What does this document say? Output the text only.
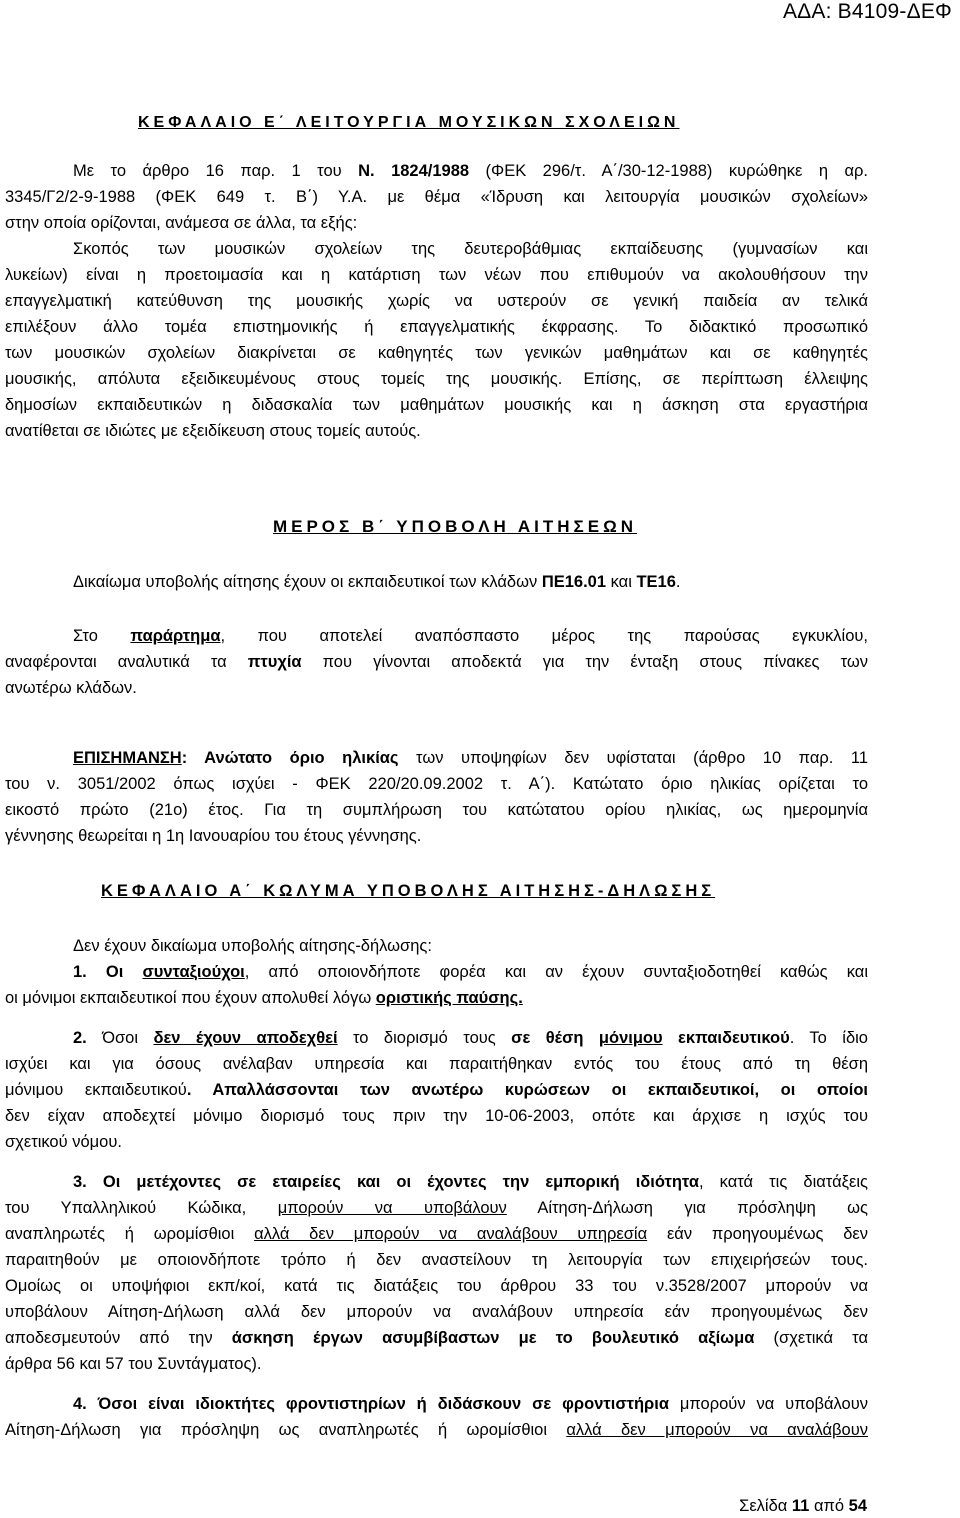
ΑΔΑ: Β4109-ΔΕΦ

ΚΕΦΑΛΑΙΟ Ε΄ ΛΕΙΤΟΥΡΓΙΑ ΜΟΥΣΙΚΩΝ ΣΧΟΛΕΙΩΝ

Με το άρθρο 16 παρ. 1 του Ν. 1824/1988 (ΦΕΚ 296/τ. Α΄/30-12-1988) κυρώθηκε η αρ.

3345/Γ2/2-9-1988 (ΦΕΚ 649 τ. Β΄) Υ.Α. με θέμα «Ίδρυση και λειτουργία μουσικών σχολείων»

στην οποία ορίζονται, ανάμεσα σε άλλα, τα εξής:

Σκοπός των μουσικών σχολείων της δευτεροβάθμιας εκπαίδευσης (γυμνασίων και

λυκείων) είναι η προετοιμασία και η κατάρτιση των νέων που επιθυμούν να ακολουθήσουν την

επαγγελματική κατεύθυνση της μουσικής χωρίς να υστερούν σε γενική παιδεία αν τελικά

επιλέξουν άλλο τομέα επιστημονικής ή επαγγελματικής έκφρασης. Το διδακτικό προσωπικό

των μουσικών σχολείων διακρίνεται σε καθηγητές των γενικών μαθημάτων και σε καθηγητές

μουσικής, απόλυτα εξειδικευμένους στους τομείς της μουσικής. Επίσης, σε περίπτωση έλλειψης

δημοσίων εκπαιδευτικών η διδασκαλία των μαθημάτων μουσικής και η άσκηση στα εργαστήρια

ανατίθεται σε ιδιώτες με εξειδίκευση στους τομείς αυτούς.

ΜΕΡΟΣ Β΄ ΥΠΟΒΟΛΗ ΑΙΤΗΣΕΩΝ

Δικαίωμα υποβολής αίτησης έχουν οι εκπαιδευτικοί των κλάδων ΠΕ16.01 και ΤΕ16.

Στο παράρτημα, που αποτελεί αναπόσπαστο μέρος της παρούσας εγκυκλίου,

αναφέρονται αναλυτικά τα πτυχία που γίνονται αποδεκτά για την ένταξη στους πίνακες των

ανωτέρω κλάδων.

ΕΠΙΣΗΜΑΝΣΗ: Ανώτατο όριο ηλικίας των υποψηφίων δεν υφίσταται (άρθρο 10 παρ. 11

του ν. 3051/2002 όπως ισχύει - ΦΕΚ 220/20.09.2002 τ. Α΄). Κατώτατο όριο ηλικίας ορίζεται το

εικοστό πρώτο (21ο) έτος. Για τη συμπλήρωση του κατώτατου ορίου ηλικίας, ως ημερομηνία

γέννησης θεωρείται η 1η Ιανουαρίου του έτους γέννησης.

ΚΕΦΑΛΑΙΟ Α΄ ΚΩΛΥΜΑ ΥΠΟΒΟΛΗΣ ΑΙΤΗΣΗΣ-ΔΗΛΩΣΗΣ

Δεν έχουν δικαίωμα υποβολής αίτησης-δήλωσης:

1. Οι συνταξιούχοι, από οποιονδήποτε φορέα και αν έχουν συνταξιοδοτηθεί καθώς και

οι μόνιμοι εκπαιδευτικοί που έχουν απολυθεί λόγω οριστικής παύσης.

2. Όσοι δεν έχουν αποδεχθεί το διορισμό τους σε θέση μόνιμου εκπαιδευτικού. Το ίδιο

ισχύει και για όσους ανέλαβαν υπηρεσία και παραιτήθηκαν εντός του έτους από τη θέση

μόνιμου εκπαιδευτικού. Απαλλάσσονται των ανωτέρω κυρώσεων οι εκπαιδευτικοί, οι οποίοι

δεν είχαν αποδεχτεί μόνιμο διορισμό τους πριν την 10-06-2003, οπότε και άρχισε η ισχύς του

σχετικού νόμου.

3. Οι μετέχοντες σε εταιρείες και οι έχοντες την εμπορική ιδιότητα, κατά τις διατάξεις

του Υπαλληλικού Κώδικα, μπορούν να υποβάλουν Αίτηση-Δήλωση για πρόσληψη ως

αναπληρωτές ή ωρομίσθιοι αλλά δεν μπορούν να αναλάβουν υπηρεσία εάν προηγουμένως δεν

παραιτηθούν με οποιονδήποτε τρόπο ή δεν αναστείλουν τη λειτουργία των επιχειρήσεών τους.

Ομοίως οι υποψήφιοι εκπ/κοί, κατά τις διατάξεις του άρθρου 33 του ν.3528/2007 μπορούν να

υποβάλουν Αίτηση-Δήλωση αλλά δεν μπορούν να αναλάβουν υπηρεσία εάν προηγουμένως δεν

αποδεσμευτούν από την άσκηση έργων ασυμβίβαστων με το βουλευτικό αξίωμα (σχετικά τα

άρθρα 56 και 57 του Συντάγματος).

4. Όσοι είναι ιδιοκτήτες φροντιστηρίων ή διδάσκουν σε φροντιστήρια μπορούν να υποβάλουν

Αίτηση-Δήλωση για πρόσληψη ως αναπληρωτές ή ωρομίσθιοι αλλά δεν μπορούν να αναλάβουν

Σελίδα 11 από 54
